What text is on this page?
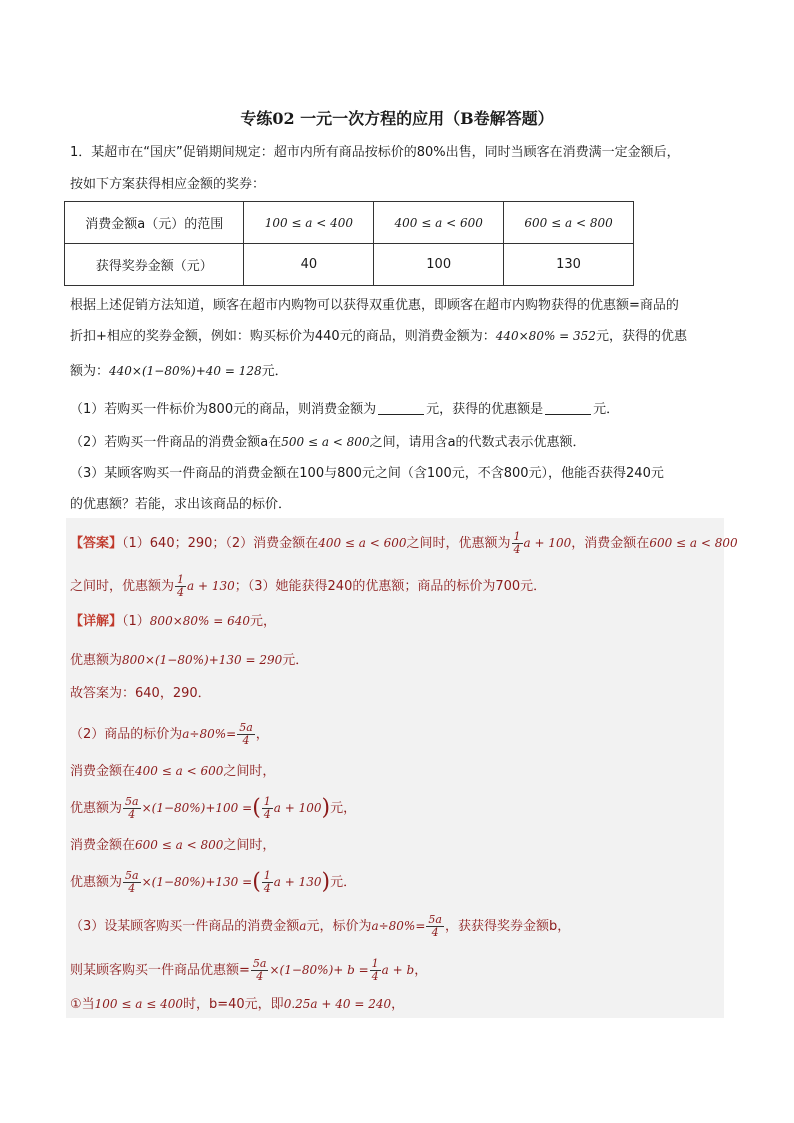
专练02 一元一次方程的应用（B卷解答题）
1．某超市在“国庆”促销期间规定：超市内所有商品按标价的80%出售，同时当顾客在消费满一定金额后，
按如下方案获得相应金额的奖券：
消费金额a（元）的范围	100 ≤ a < 400	400 ≤ a < 600	600 ≤ a < 800
获得奖券金额（元）	40	100	130
根据上述促销方法知道，顾客在超市内购物可以获得双重优惠，即顾客在超市内购物获得的优惠额=商品的
折扣+相应的奖券金额，例如：购买标价为440元的商品，则消费金额为：440×80% = 352元，获得的优惠
额为：440×(1−80%)+40 = 128元．
（1）若购买一件标价为800元的商品，则消费金额为	元，获得的优惠额是	元．
（2）若购买一件商品的消费金额a在500 ≤ a < 800之间，请用含a的代数式表示优惠额．
（3）某顾客购买一件商品的消费金额在100与800元之间（含100元，不含800元），他能否获得240元
的优惠额？若能，求出该商品的标价．
【答案】（1）640；290；（2）消费金额在400 ≤ a < 600之间时，优惠额为 $\frac{1}{4}$ a + 100，消费金额在600 ≤ a < 800
之间时，优惠额为 $\frac{1}{4}$ a + 130；（3）她能获得240的优惠额；商品的标价为700元．
【详解】（1）800×80% = 640元，
优惠额为800×(1−80%)+130 = 290元．
故答案为：640，290．
（2）商品的标价为$a\div 80\%= \frac{5a}{4}$ ，
消费金额在400 ≤ a < 600之间时，
优惠额为 $\frac{5a}{4} \times(1-80\%)+100$ =( $\frac{1}{4}$ a + 100)元，
消费金额在600 ≤ a < 800之间时，
优惠额为 $\frac{5a}{4} \times(1-80\%)+130$ =( $\frac{1}{4}$ a + 130)元．
（3）设某顾客购买一件商品的消费金额a元，标价为$a\div 80\%= \frac{5a}{4}$ ，获获得奖券金额b，
则某顾客购买一件商品优惠额= $\frac{5a}{4} \times(1-80\%)+ b = \frac{1}{4}$ a + b，
①当100 ≤ a ≤ 400时，b=40元，即0.25a + 40 = 240，
